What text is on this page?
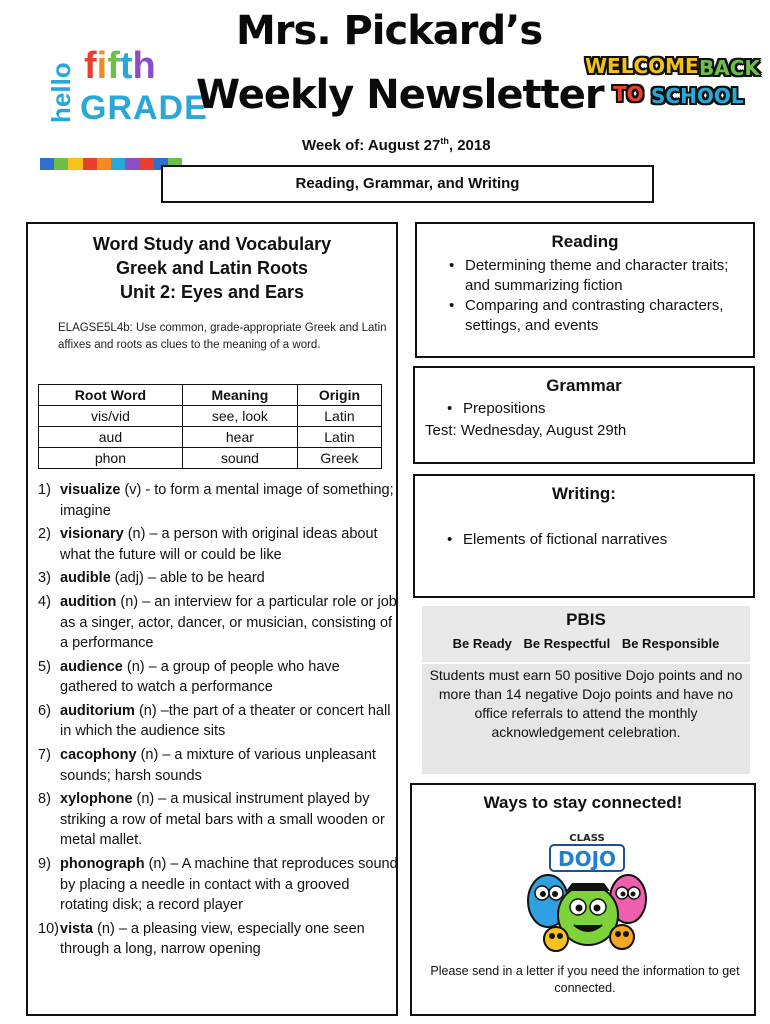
hello fifth
GRADE
Mrs. Pickard’s
Weekly Newsletter
WELCOME BACK
TO SCHOOL
Week of: August 27th, 2018
Reading, Grammar, and Writing
Word Study and Vocabulary
Greek and Latin Roots
Unit 2: Eyes and Ears
ELAGSE5L4b: Use common, grade-appropriate Greek and Latin affixes and roots as clues to the meaning of a word.
Root Word	Meaning	Origin
vis/vid	see, look	Latin
aud	hear	Latin
phon	sound	Greek
1) visualize (v) - to form a mental image of something; imagine
2) visionary (n) – a person with original ideas about what the future will or could be like
3) audible (adj) – able to be heard
4) audition (n) – an interview for a particular role or job as a singer, actor, dancer, or musician, consisting of a performance
5) audience (n) – a group of people who have gathered to watch a performance
6) auditorium (n) –the part of a theater or concert hall in which the audience sits
7) cacophony (n) – a mixture of various unpleasant sounds; harsh sounds
8) xylophone (n) – a musical instrument played by striking a row of metal bars with a small wooden or metal mallet.
9) phonograph (n) – A machine that reproduces sound by placing a needle in contact with a grooved rotating disk; a record player
10) vista (n) – a pleasing view, especially one seen through a long, narrow opening
Reading
• Determining theme and character traits; and summarizing fiction
• Comparing and contrasting characters, settings, and events
Grammar
• Prepositions
Test: Wednesday, August 29th
Writing:
• Elements of fictional narratives
PBIS
Be Ready Be Respectful Be Responsible
Students must earn 50 positive Dojo points and no more than 14 negative Dojo points and have no office referrals to attend the monthly acknowledgement celebration.
Ways to stay connected!
CLASS
DOJO
Please send in a letter if you need the information to get connected.
